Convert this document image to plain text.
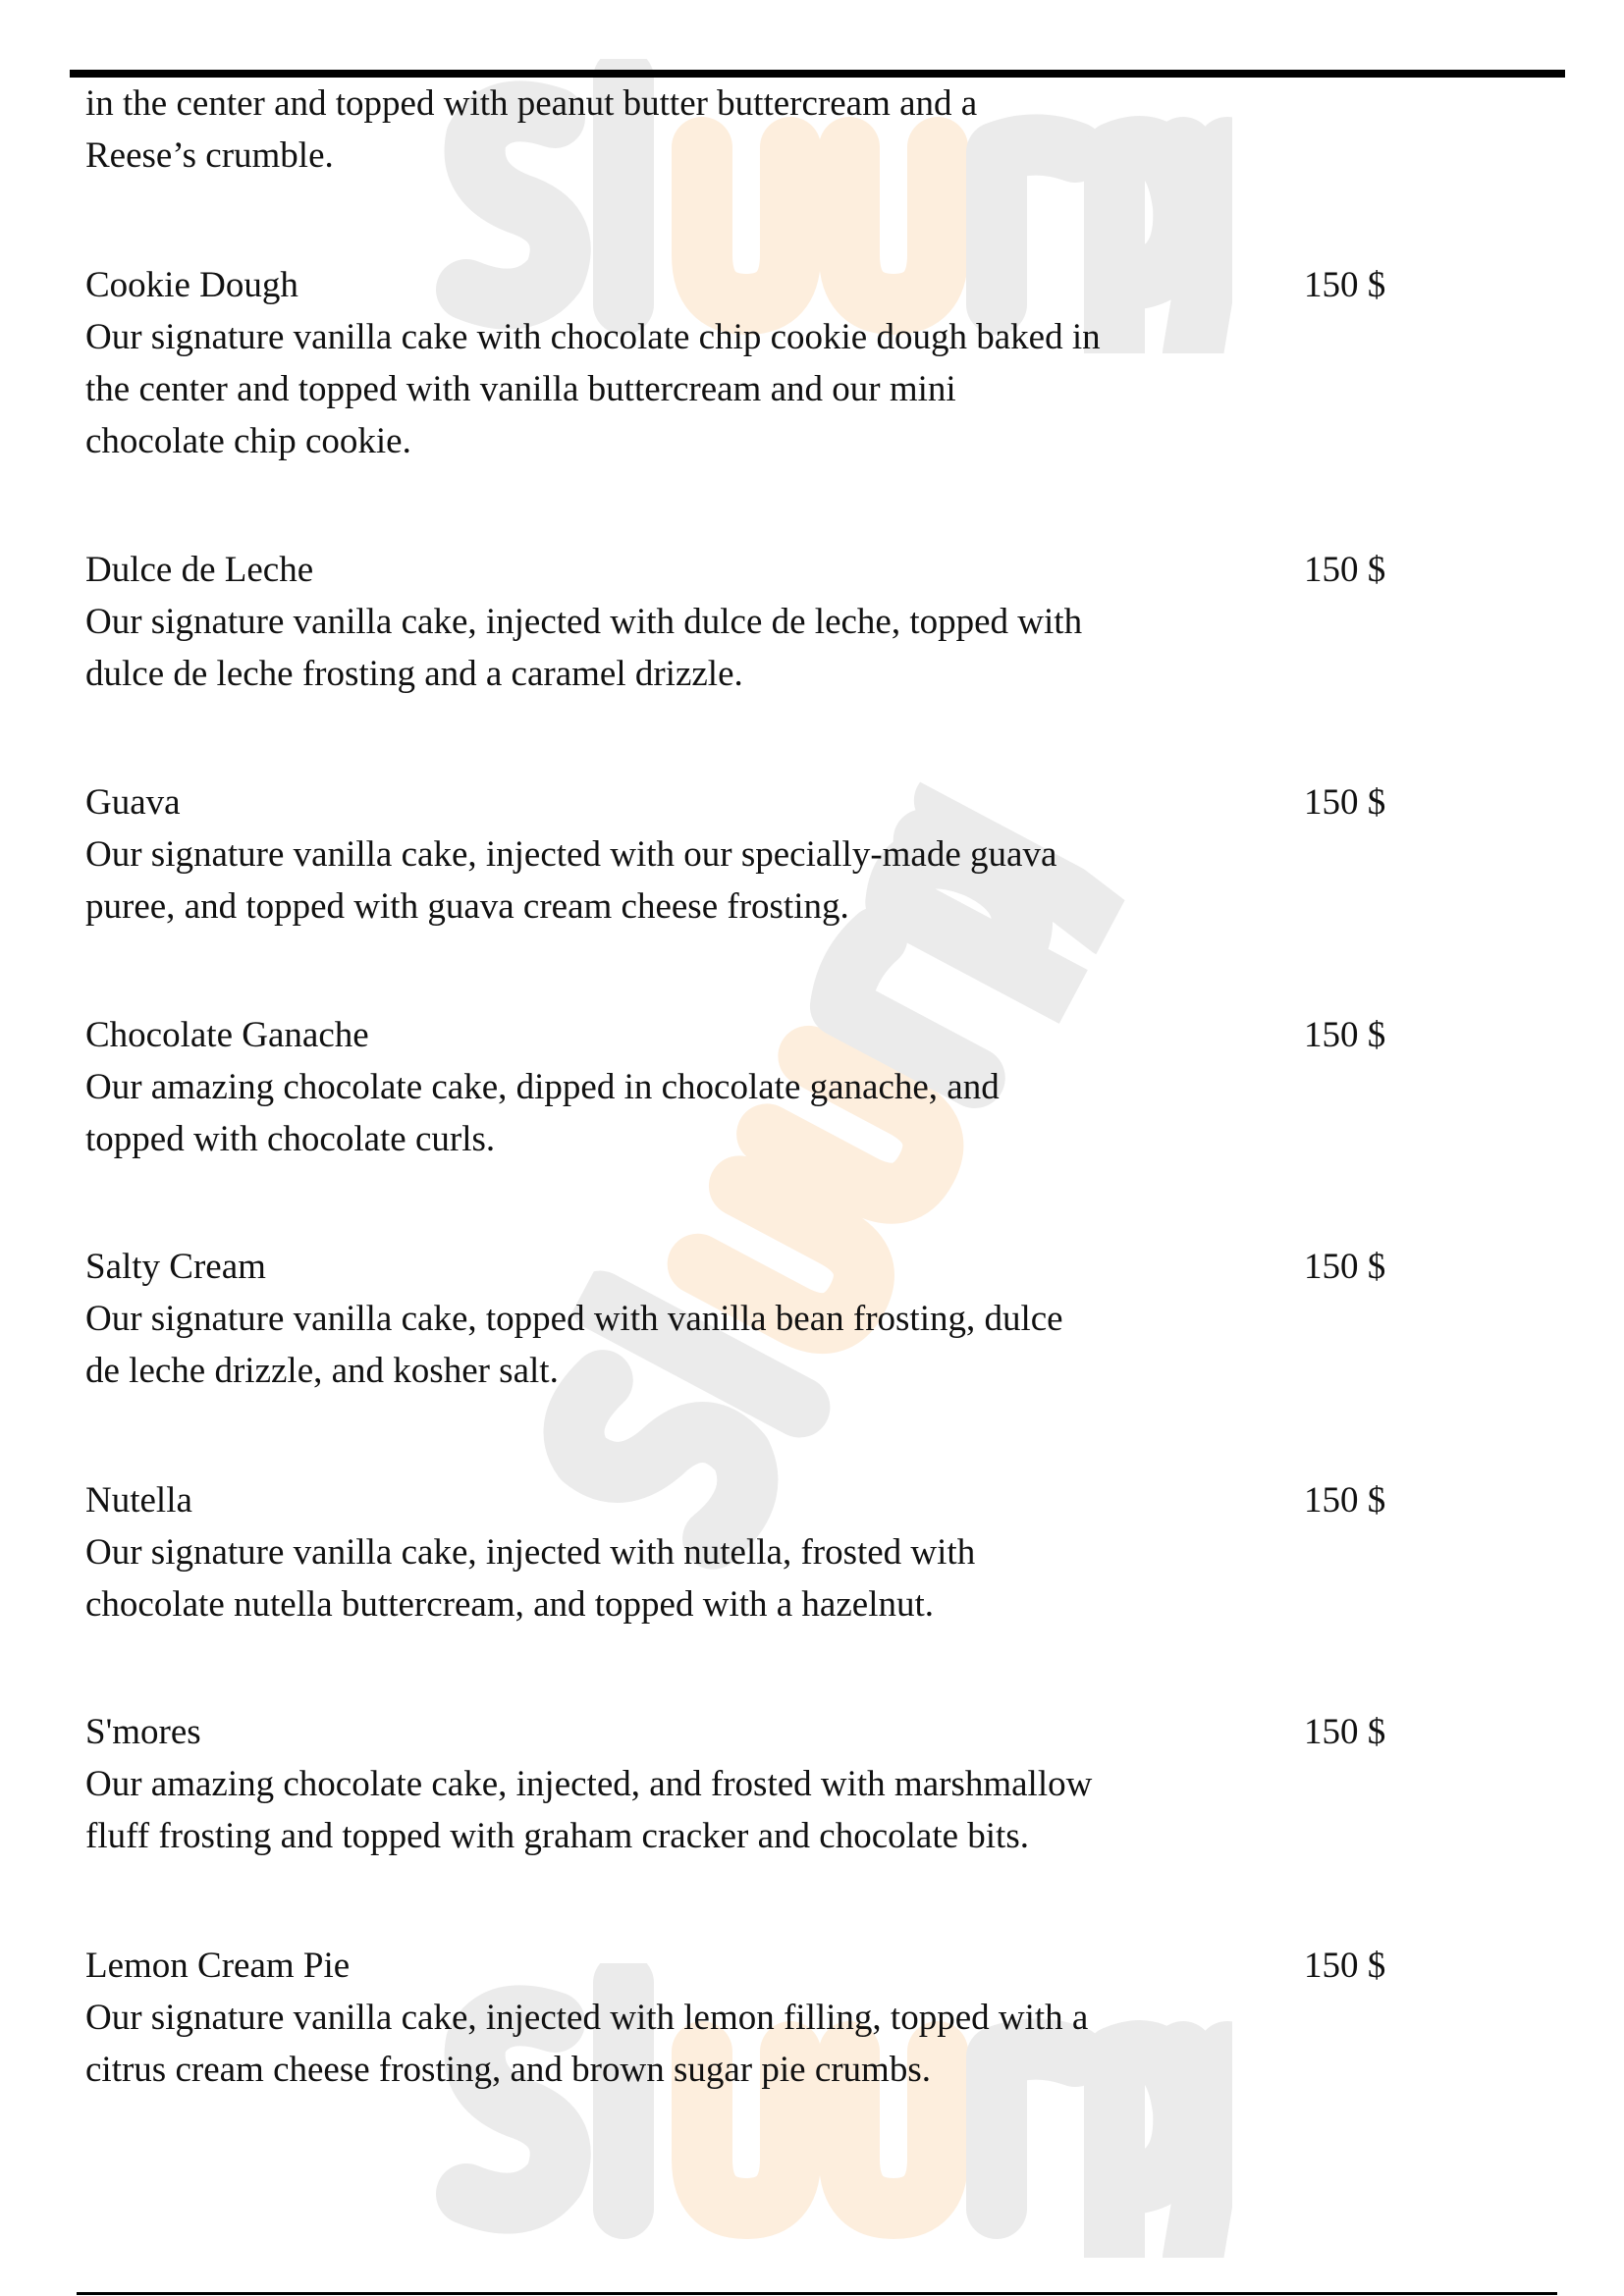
in the center and topped with peanut butter buttercream and a
Reese’s crumble.
Cookie Dough	150 $
Our signature vanilla cake with chocolate chip cookie dough baked in
the center and topped with vanilla buttercream and our mini
chocolate chip cookie.
Dulce de Leche	150 $
Our signature vanilla cake, injected with dulce de leche, topped with
dulce de leche frosting and a caramel drizzle.
Guava	150 $
Our signature vanilla cake, injected with our specially-made guava
puree, and topped with guava cream cheese frosting.
Chocolate Ganache	150 $
Our amazing chocolate cake, dipped in chocolate ganache, and
topped with chocolate curls.
Salty Cream	150 $
Our signature vanilla cake, topped with vanilla bean frosting, dulce
de leche drizzle, and kosher salt.
Nutella	150 $
Our signature vanilla cake, injected with nutella, frosted with
chocolate nutella buttercream, and topped with a hazelnut.
S'mores	150 $
Our amazing chocolate cake, injected, and frosted with marshmallow
fluff frosting and topped with graham cracker and chocolate bits.
Lemon Cream Pie	150 $
Our signature vanilla cake, injected with lemon filling, topped with a
citrus cream cheese frosting, and brown sugar pie crumbs.
